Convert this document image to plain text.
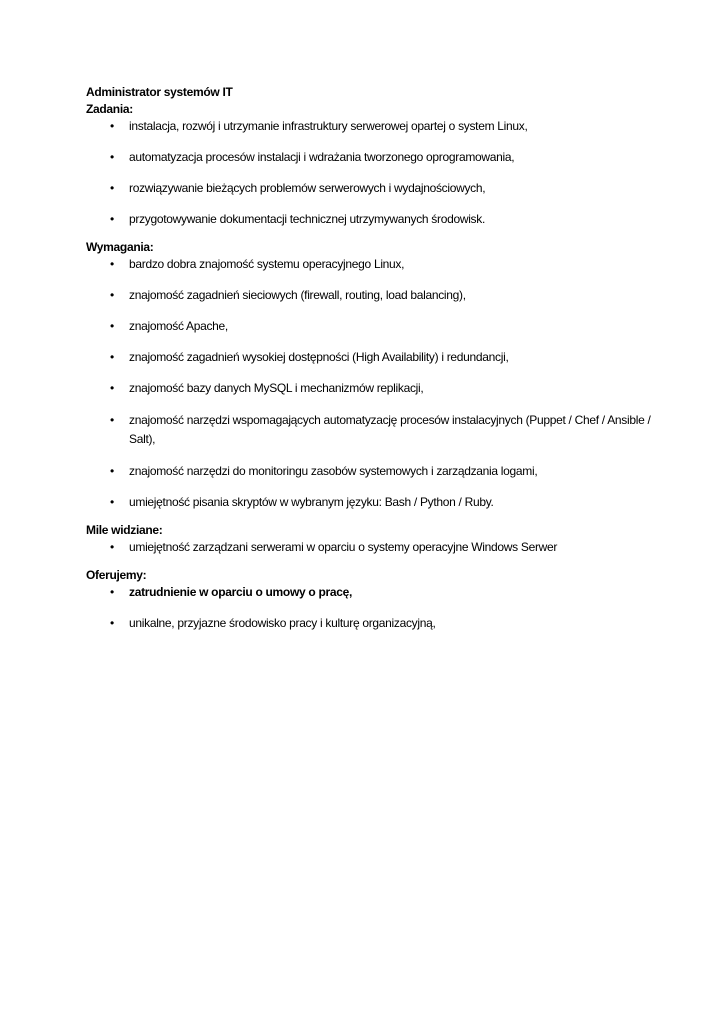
Administrator systemów IT

Zadania:

• instalacja, rozwój i utrzymanie infrastruktury serwerowej opartej o system Linux,
• automatyzacja procesów instalacji i wdrażania tworzonego oprogramowania,
• rozwiązywanie bieżących problemów serwerowych i wydajnościowych,
• przygotowywanie dokumentacji technicznej utrzymywanych środowisk.

Wymagania:

• bardzo dobra znajomość systemu operacyjnego Linux,
• znajomość zagadnień sieciowych (firewall, routing, load balancing),
• znajomość Apache,
• znajomość zagadnień wysokiej dostępności (High Availability) i redundancji,
• znajomość bazy danych MySQL i mechanizmów replikacji,
• znajomość narzędzi wspomagających automatyzację procesów instalacyjnych (Puppet / Chef / Ansible / Salt),
• znajomość narzędzi do monitoringu zasobów systemowych i zarządzania logami,
• umiejętność pisania skryptów w wybranym języku: Bash / Python / Ruby.

Mile widziane:

• umiejętność zarządzani serwerami w oparciu o systemy operacyjne Windows Serwer

Oferujemy:

• zatrudnienie w oparciu o umowy o pracę,
• unikalne, przyjazne środowisko pracy i kulturę organizacyjną,
